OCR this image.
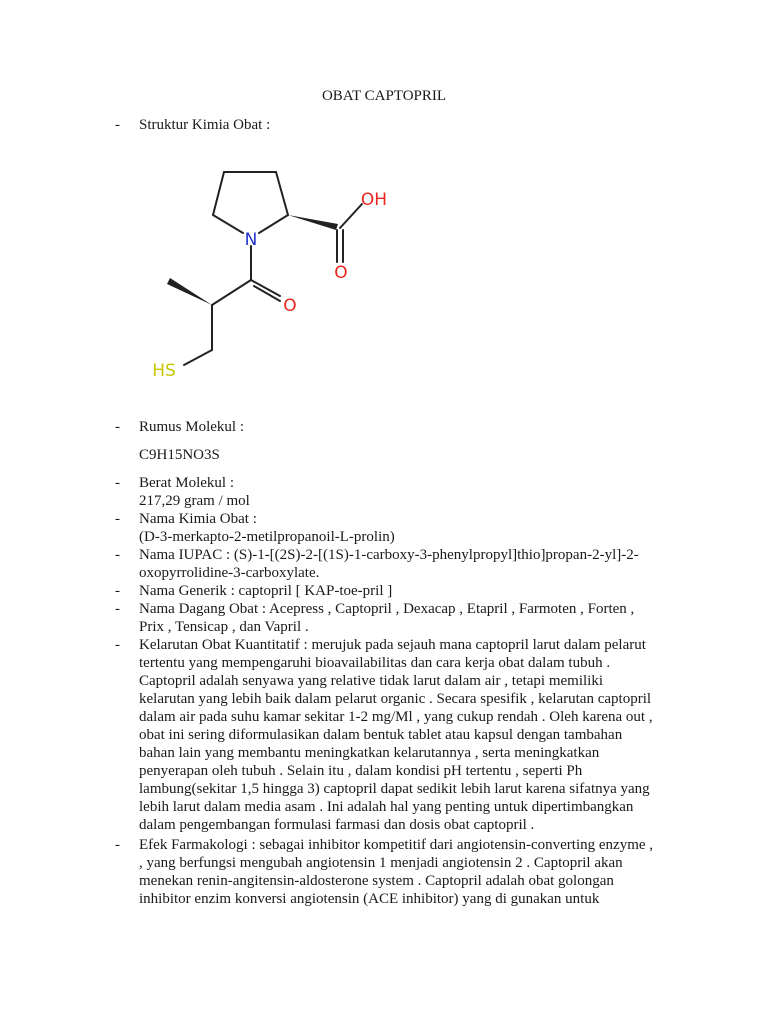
OBAT CAPTOPRIL
- Struktur Kimia Obat :
N
OH
O
O
HS
- Rumus Molekul :
C9H15NO3S
- Berat Molekul :
217,29 gram / mol
- Nama Kimia Obat :
(D-3-merkapto-2-metilpropanoil-L-prolin)
- Nama IUPAC : (S)-1-[(2S)-2-[(1S)-1-carboxy-3-phenylpropyl]thio]propan-2-yl]-2-
oxopyrrolidine-3-carboxylate.
- Nama Generik : captopril [ KAP-toe-pril ]
- Nama Dagang Obat : Acepress , Captopril , Dexacap , Etapril , Farmoten , Forten ,
Prix , Tensicap , dan Vapril .
- Kelarutan Obat Kuantitatif : merujuk pada sejauh mana captopril larut dalam pelarut
tertentu yang mempengaruhi bioavailabilitas dan cara kerja obat dalam tubuh .
Captopril adalah senyawa yang relative tidak larut dalam air , tetapi memiliki
kelarutan yang lebih baik dalam pelarut organic . Secara spesifik , kelarutan captopril
dalam air pada suhu kamar sekitar 1-2 mg/Ml , yang cukup rendah . Oleh karena out ,
obat ini sering diformulasikan dalam bentuk tablet atau kapsul dengan tambahan
bahan lain yang membantu meningkatkan kelarutannya , serta meningkatkan
penyerapan oleh tubuh . Selain itu , dalam kondisi pH tertentu , seperti Ph
lambung(sekitar 1,5 hingga 3) captopril dapat sedikit lebih larut karena sifatnya yang
lebih larut dalam media asam . Ini adalah hal yang penting untuk dipertimbangkan
dalam pengembangan formulasi farmasi dan dosis obat captopril .
- Efek Farmakologi : sebagai inhibitor kompetitif dari angiotensin-converting enzyme ,
, yang berfungsi mengubah angiotensin 1 menjadi angiotensin 2 . Captopril akan
menekan renin-angitensin-aldosterone system . Captopril adalah obat golongan
inhibitor enzim konversi angiotensin (ACE inhibitor) yang di gunakan untuk
